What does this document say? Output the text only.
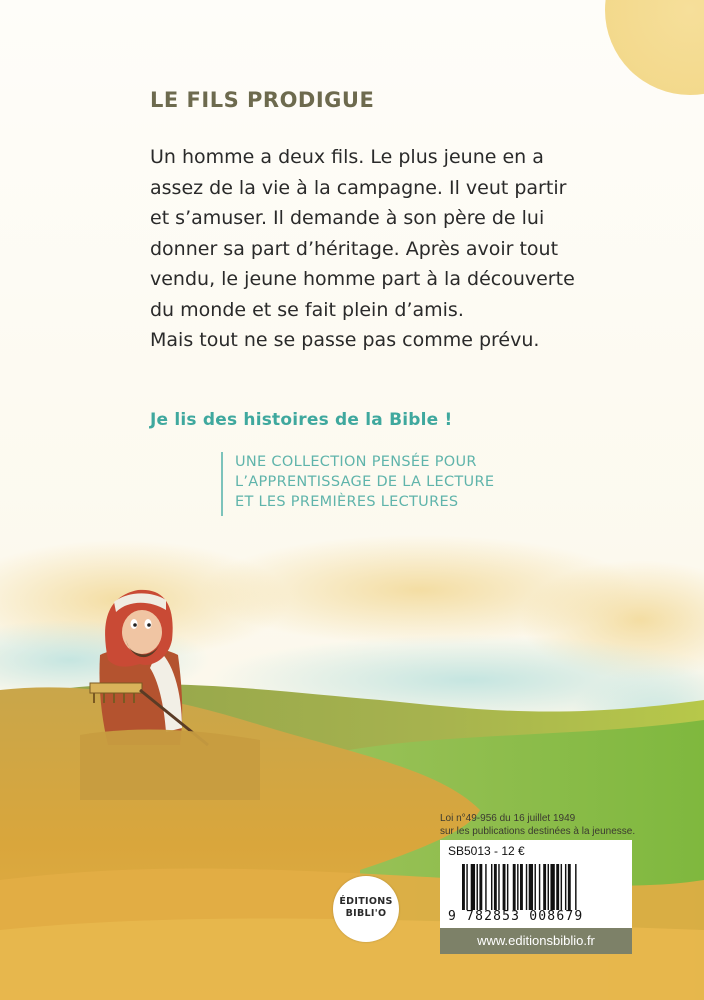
LE FILS PRODIGUE

Un homme a deux fils. Le plus jeune en a
assez de la vie à la campagne. Il veut partir
et s’amuser. Il demande à son père de lui
donner sa part d’héritage. Après avoir tout
vendu, le jeune homme part à la découverte
du monde et se fait plein d’amis.
Mais tout ne se passe pas comme prévu.

Je lis des histoires de la Bible !

UNE COLLECTION PENSÉE POUR
L’APPRENTISSAGE DE LA LECTURE
ET LES PREMIÈRES LECTURES
Loi n°49-956 du 16 juillet 1949
sur les publications destinées à la jeunesse.
SB5013 - 12 €
9 782853 008679
www.editionsbiblio.fr
ÉDITIONS
BIBLI'O
